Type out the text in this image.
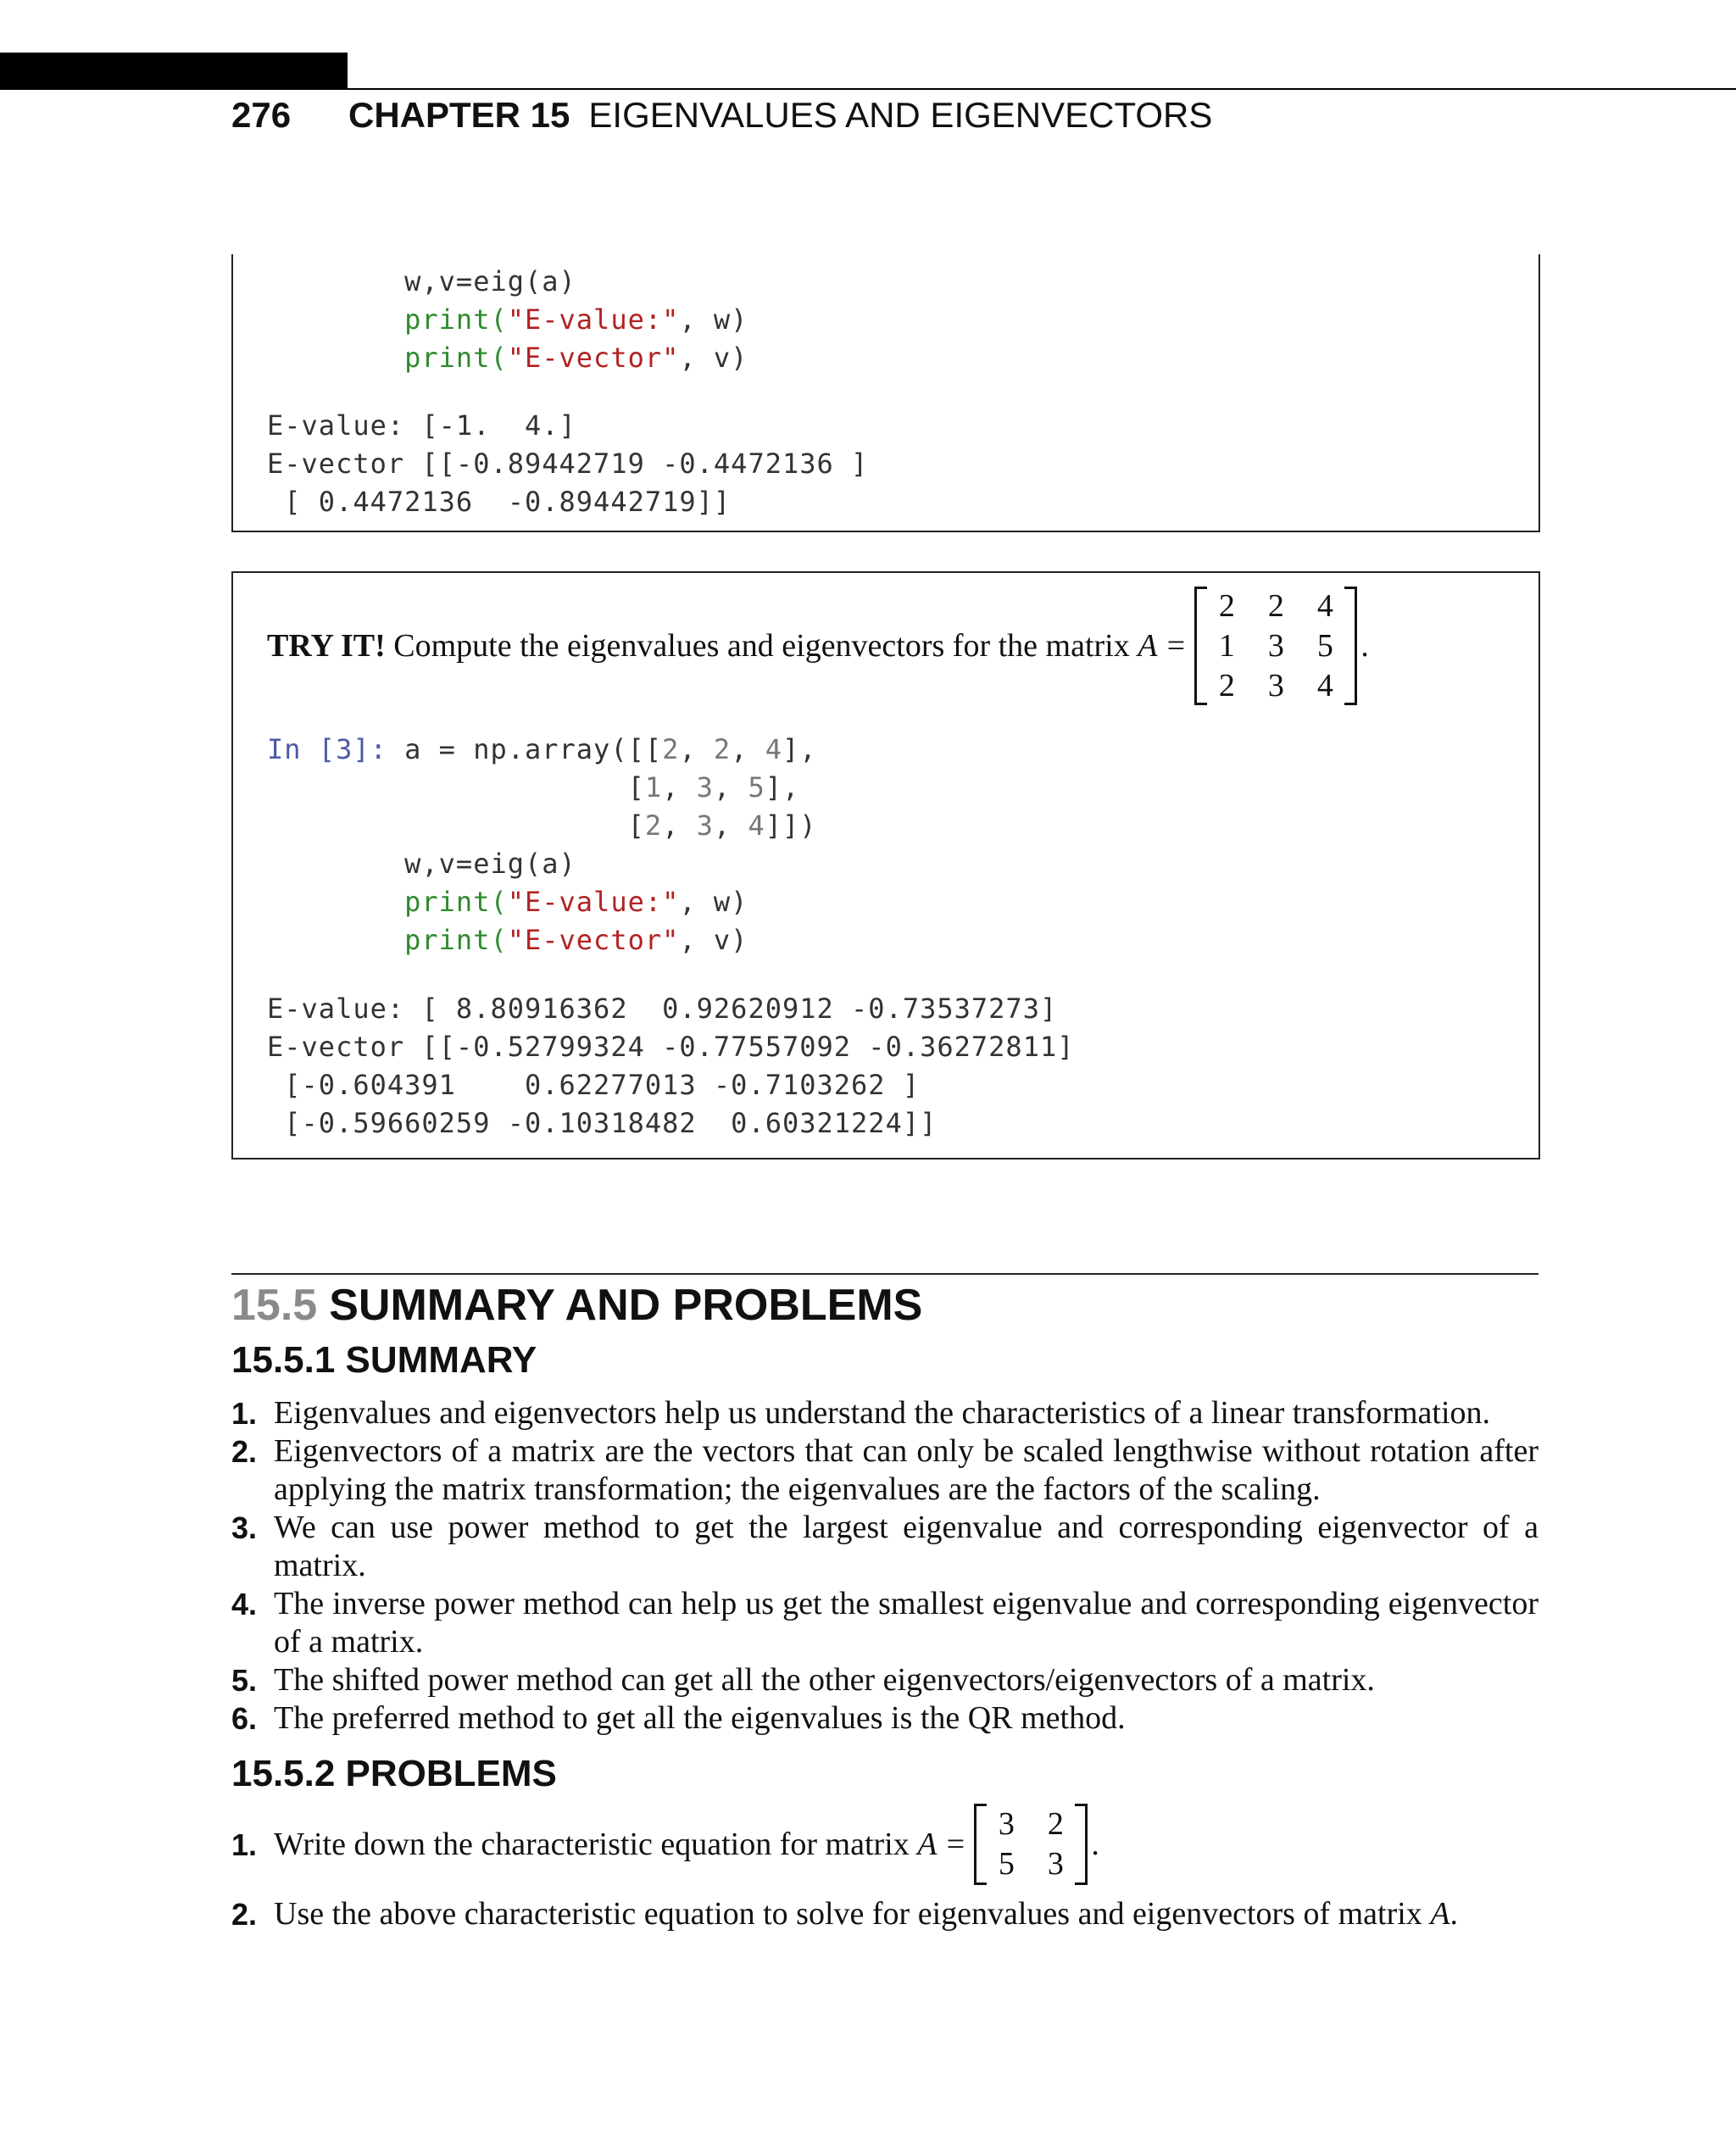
276	CHAPTER 15 EIGENVALUES AND EIGENVECTORS
w,v=eig(a)
print("E-value:", w)
print("E-vector", v)
E-value: [-1.  4.]
E-vector [[-0.89442719 -0.4472136 ]
[ 0.4472136  -0.89442719]]
TRY IT! Compute the eigenvalues and eigenvectors for the matrix A =
2 2 4
1 3 5
2 3 4
.
In [3]: a = np.array([[2, 2, 4],
[1, 3, 5],
[2, 3, 4]])
w,v=eig(a)
print("E-value:", w)
print("E-vector", v)
E-value: [ 8.80916362  0.92620912 -0.73537273]
E-vector [[-0.52799324 -0.77557092 -0.36272811]
[-0.604391    0.62277013 -0.7103262 ]
[-0.59660259 -0.10318482  0.60321224]]
15.5 SUMMARY AND PROBLEMS
15.5.1 SUMMARY
1. Eigenvalues and eigenvectors help us understand the characteristics of a linear transformation.
2. Eigenvectors of a matrix are the vectors that can only be scaled lengthwise without rotation after applying the matrix transformation; the eigenvalues are the factors of the scaling.
3. We can use power method to get the largest eigenvalue and corresponding eigenvector of a matrix.
4. The inverse power method can help us get the smallest eigenvalue and corresponding eigenvector of a matrix.
5. The shifted power method can get all the other eigenvectors/eigenvectors of a matrix.
6. The preferred method to get all the eigenvalues is the QR method.
15.5.2 PROBLEMS
1. Write down the characteristic equation for matrix
A =

3 2
5 3
.
2. Use the above characteristic equation to solve for eigenvalues and eigenvectors of matrix A.
